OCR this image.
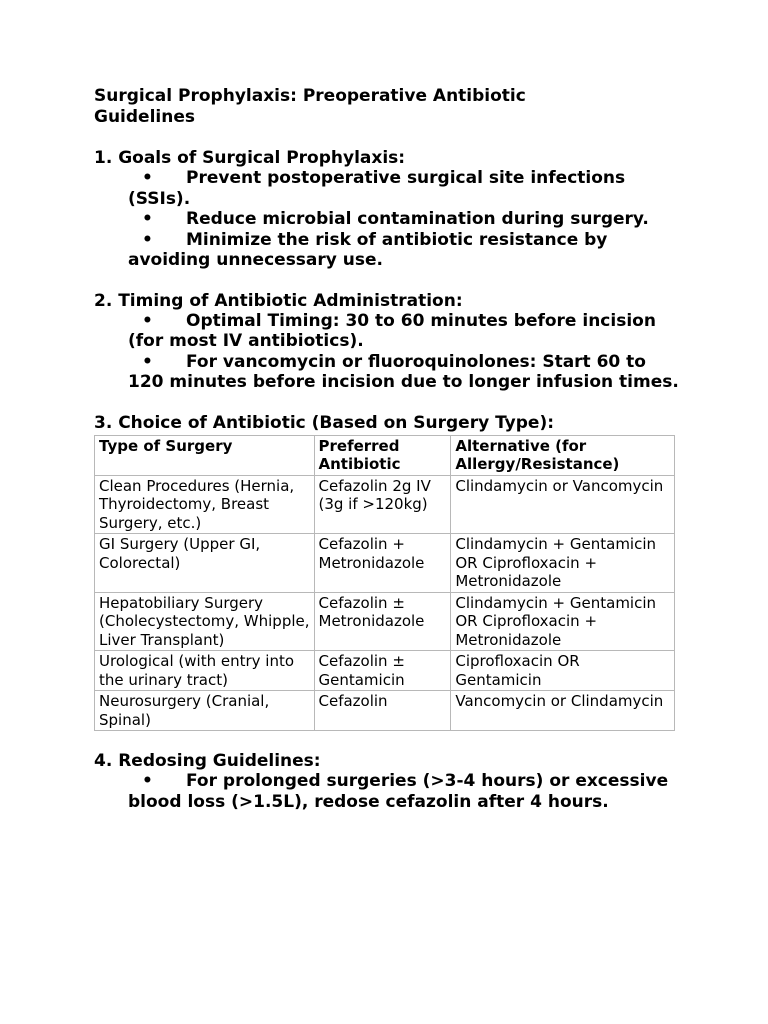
Surgical Prophylaxis: Preoperative Antibiotic Guidelines
1. Goals of Surgical Prophylaxis:
• Prevent postoperative surgical site infections (SSIs).
• Reduce microbial contamination during surgery.
• Minimize the risk of antibiotic resistance by avoiding unnecessary use.
2. Timing of Antibiotic Administration:
• Optimal Timing: 30 to 60 minutes before incision (for most IV antibiotics).
• For vancomycin or fluoroquinolones: Start 60 to 120 minutes before incision due to longer infusion times.
3. Choice of Antibiotic (Based on Surgery Type):
Type of Surgery	Preferred Antibiotic	Alternative (for Allergy/Resistance)
Clean Procedures (Hernia, Thyroidectomy, Breast Surgery, etc.)	Cefazolin 2g IV (3g if >120kg)	Clindamycin or Vancomycin
GI Surgery (Upper GI, Colorectal)	Cefazolin + Metronidazole	Clindamycin + Gentamicin OR Ciprofloxacin + Metronidazole
Hepatobiliary Surgery (Cholecystectomy, Whipple, Liver Transplant)	Cefazolin ± Metronidazole	Clindamycin + Gentamicin OR Ciprofloxacin + Metronidazole
Urological (with entry into the urinary tract)	Cefazolin ± Gentamicin	Ciprofloxacin OR Gentamicin
Neurosurgery (Cranial, Spinal)	Cefazolin	Vancomycin or Clindamycin
4. Redosing Guidelines:
• For prolonged surgeries (>3-4 hours) or excessive blood loss (>1.5L), redose cefazolin after 4 hours.
